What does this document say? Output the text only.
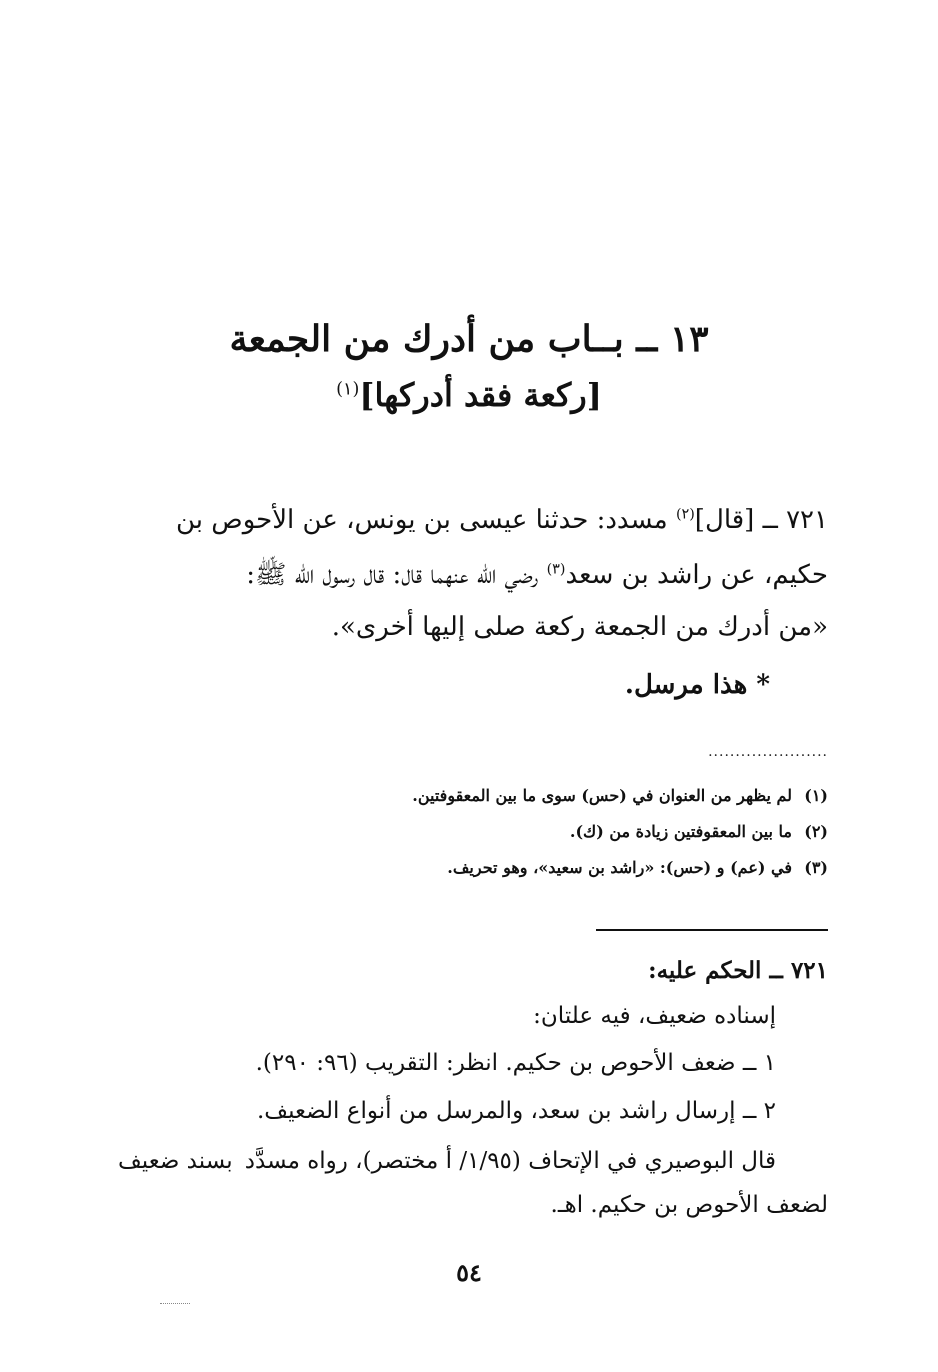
١٣ ــ بــاب من أدرك من الجمعة
[ركعة فقد أدركها]$^{(١)}$
٧٢١ ــ [قال]$^{(٢)}$ مسدد: حدثنا عيسى بن يونس، عن الأحوص بن
حكيم، عن راشد بن سعد$^{(٣)}$ رضي الله عنهما قال: قال رسول الله ﷺ:
«من أدرك من الجمعة ركعة صلى إليها أخرى».
* هذا مرسل.
......................
(١)لم يظهر من العنوان في (حس) سوى ما بين المعقوفتين.
(٢)ما بين المعقوفتين زيادة من (ك).
(٣)في (عم) و (حس): «راشد بن سعيد»، وهو تحريف.
٧٢١ ــ الحكم عليه:
إسناده ضعيف، فيه علتان:
١ ــ ضعف الأحوص بن حكيم. انظر: التقريب (٩٦: ٢٩٠).
٢ ــ إرسال راشد بن سعد، والمرسل من أنواع الضعيف.
قال البوصيري في الإتحاف (١/٩٥/ أ مختصر)، رواه مسدَّد
بسند ضعيف
لضعف الأحوص بن حكيم. اهـ.
٥٤
